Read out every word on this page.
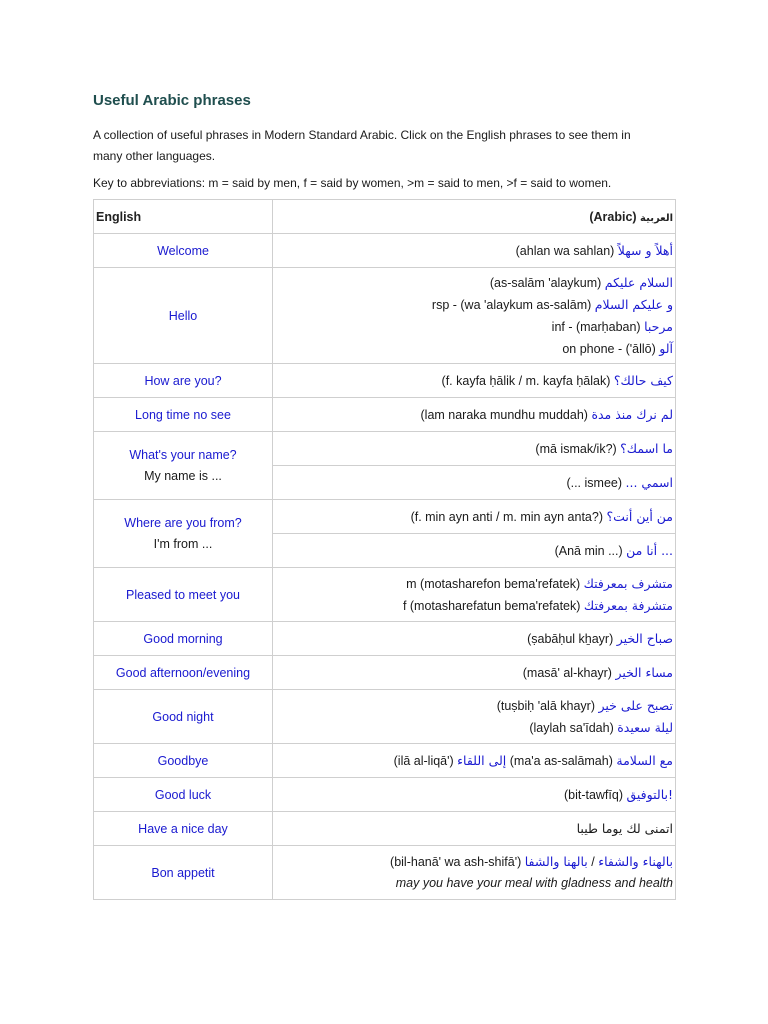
Useful Arabic phrases

A collection of useful phrases in Modern Standard Arabic. Click on the English phrases to see them in many other languages.

Key to abbreviations: m = said by men, f = said by women, >m = said to men, >f = said to women.

English	(Arabic) العربية
Welcome	(ahlan wa sahlan) أهلاً و سهلاً
Hello	(as-salām 'alaykum) السلام عليكم
rsp - (wa 'alaykum as-salām) و عليكم السلام
inf - (marḥaban) مرحبا
on phone - ('āllō) آلو

How are you?	(f. kayfa ḥālik / m. kayfa ḥālak) كيف حالك؟
Long time no see	(lam naraka mundhu muddah) لم نرك منذ مدة

What's your name?
My name is ...	(mā ismak/ik?) ما اسمك؟
	(... ismee) ... اسمي

Where are you from?
I'm from ...	(f. min ayn anti / m. min ayn anta?) من أين أنت؟
	(Anā min ...) أنا من ...
Pleased to meet you	m (motasharefon bema'refatek) متشرف بمعرفتك
f (motasharefatun bema'refatek) متشرفة بمعرفتك

Good morning	(ṣabāḥul kẖayr) صباح الخير
Good afternoon/evening	(masā' al-khayr) مساء الخير
Good night	(tuṣbiḥ 'alā khayr) تصبح على خير
(laylah sa'īdah) ليلة سعيدة

Goodbye	(ilā al-liqā') إلى اللقاء (ma'a as-salāmah) مع السلامة
Good luck	(bit-tawfīq) بالتوفيق!
Have a nice day	اتمنى لك يوما طيبا
Bon appetit	(bil-hanā' wa ash-shifā') بالهناء والشفاء / بالهنا والشفا
may you have your meal with gladness and health
